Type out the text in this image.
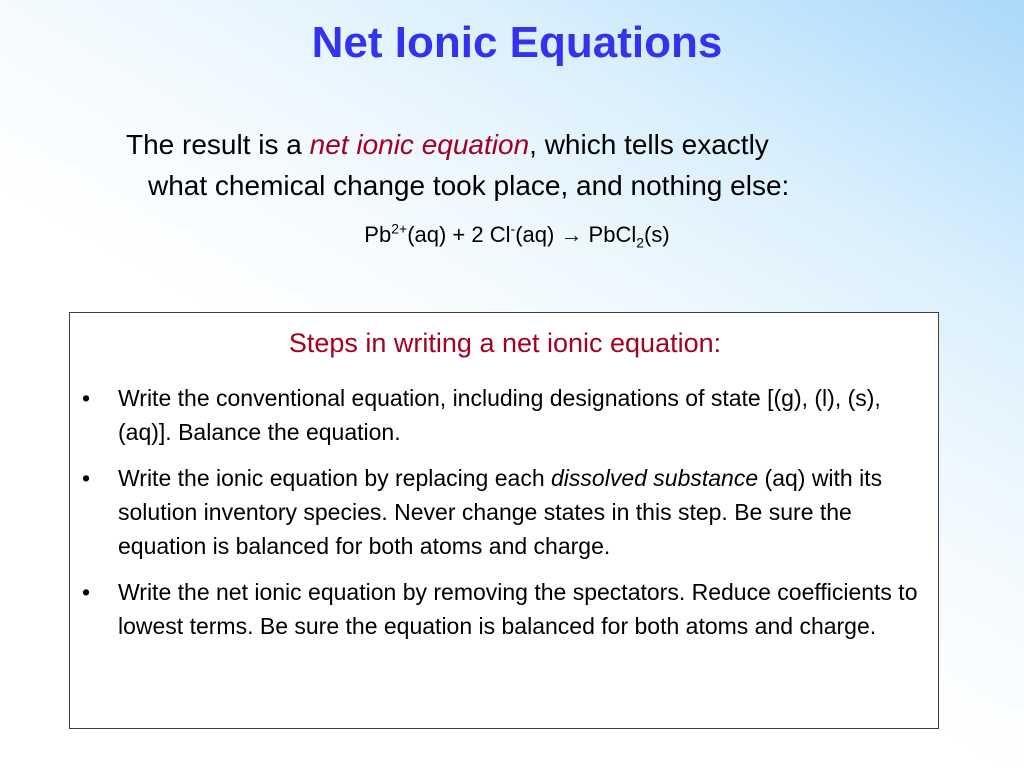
Net Ionic Equations
The result is a net ionic equation, which tells exactly
what chemical change took place, and nothing else:
$Pb^{2+}(aq) + 2$ Cl-(aq) → PbCl$_2$(s)
Steps in writing a net ionic equation:
• Write the conventional equation, including designations of state [(g), (l), (s), (aq)]. Balance the equation.
• Write the ionic equation by replacing each dissolved substance (aq) with its solution inventory species. Never change states in this step. Be sure the equation is balanced for both atoms and charge.
• Write the net ionic equation by removing the spectators. Reduce coefficients to lowest terms. Be sure the equation is balanced for both atoms and charge.
